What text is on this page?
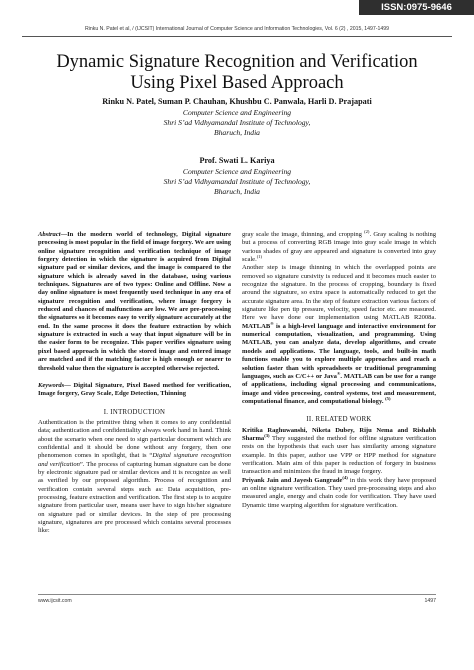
ISSN:0975-9646
Rinku N. Patel et al, / (IJCSIT) International Journal of Computer Science and Information Technologies, Vol. 6 (2) , 2015, 1497-1499
Dynamic Signature Recognition and Verification
Using Pixel Based Approach
Rinku N. Patel, Suman P. Chauhan, Khushbu C. Panwala, Harli D. Prajapati
Computer Science and Engineering
Shri S’ad Vidhyamandal Institute of Technology,
Bharuch, India
Prof. Swati L. Kariya
Computer Science and Engineering
Shri S’ad Vidhyamandal Institute of Technology,
Bharuch, India

Abstract—In the modern world of technology, Digital signature processing is most popular in the field of image forgery. We are using online signature recognition and verification technique of image forgery detection in which the signature is acquired from Digital signature pad or similar devices, and the image is compared to the signature which is already saved in the database, using various techniques. Signatures are of two types: Online and Offline. Now a day online signature is most frequently used technique in any era of signature recognition and verification, where image forgery is reduced and chances of malfunctions are low. We are pre-processing the signatures so it becomes easy to verify signature accurately at the end. In the same process it does the feature extraction by which signature is extracted in such a way that input signature will be in the easier form to be recognize. This paper verifies signature using pixel based approach in which the stored image and entered image are matched and if the matching factor is high enough or nearer to threshold value then the signature is accepted otherwise rejected.

Keywords— Digital Signature, Pixel Based method for verification, Image forgery, Gray Scale, Edge Detection, Thinning

I. INTRODUCTION

Authentication is the primitive thing when it comes to any confidential data; authentication and confidentiality always work hand in hand. Think about the scenario when one need to sign particular document which are confidential and it should be done without any forgery, then one phenomenon comes in spotlight, that is “Digital signature recognition and verification”. The process of capturing human signature can be done by electronic signature pad or similar devices and it is recognize as well as verified by our proposed algorithm. Process of recognition and verification contain several steps such as: Data acquisition, pre-processing, feature extraction and verification. The first step is to acquire signature from particular user, means user have to sign his/her signature on signature pad or similar devices. In the step of pre processing signature, signatures are pre processed which contains several processes like:

gray scale the image, thinning, and cropping $^{(2)}$. Gray scaling is nothing but a process of converting RGB image into gray scale image in which various shades of gray are appeared and signature is converted into gray scale.$^{(1)}$

Another step is image thinning in which the overlapped points are removed so signature cursivity is reduced and it becomes much easier to recognize the signature. In the process of cropping, boundary is fixed around the signature, so extra space is automatically reduced to get the accurate signature area. In the step of feature extraction various factors of signature like pen tip pressure, velocity, speed factor etc. are measured. Here we have done our implementation using MATLAB R2008a. MATLAB® is a high-level language and interactive environment for numerical computation, visualization, and programming. Using MATLAB, you can analyze data, develop algorithms, and create models and applications. The language, tools, and built-in math functions enable you to explore multiple approaches and reach a solution faster than with spreadsheets or traditional programming languages, such as C/C++ or Java®. MATLAB can be use for a range of applications, including signal processing and communications, image and video processing, control systems, test and measurement, computational finance, and computational biology. $^{(5)}$

II. RELATED WORK

Kritika Raghuwanshi, Niketa Dubey, Riju Nema and Rishabh Sharma$^{(3)}$ They suggested the method for offline signature verification rests on the hypothesis that each user has similarity among signature example. In this paper, author use VPP or HPP method for signature verification. Main aim of this paper is reduction of forgery in business transaction and minimizes the fraud in image forgery.

Priyank Jain and Jayesh Gangrade$^{(4)}$ in this work they have proposed an online signature verification. They used pre-processing steps and also measured angle, energy and chain code for verification. They have used Dynamic time warping algorithm for signature verification.

www.ijcsit.com	1497
